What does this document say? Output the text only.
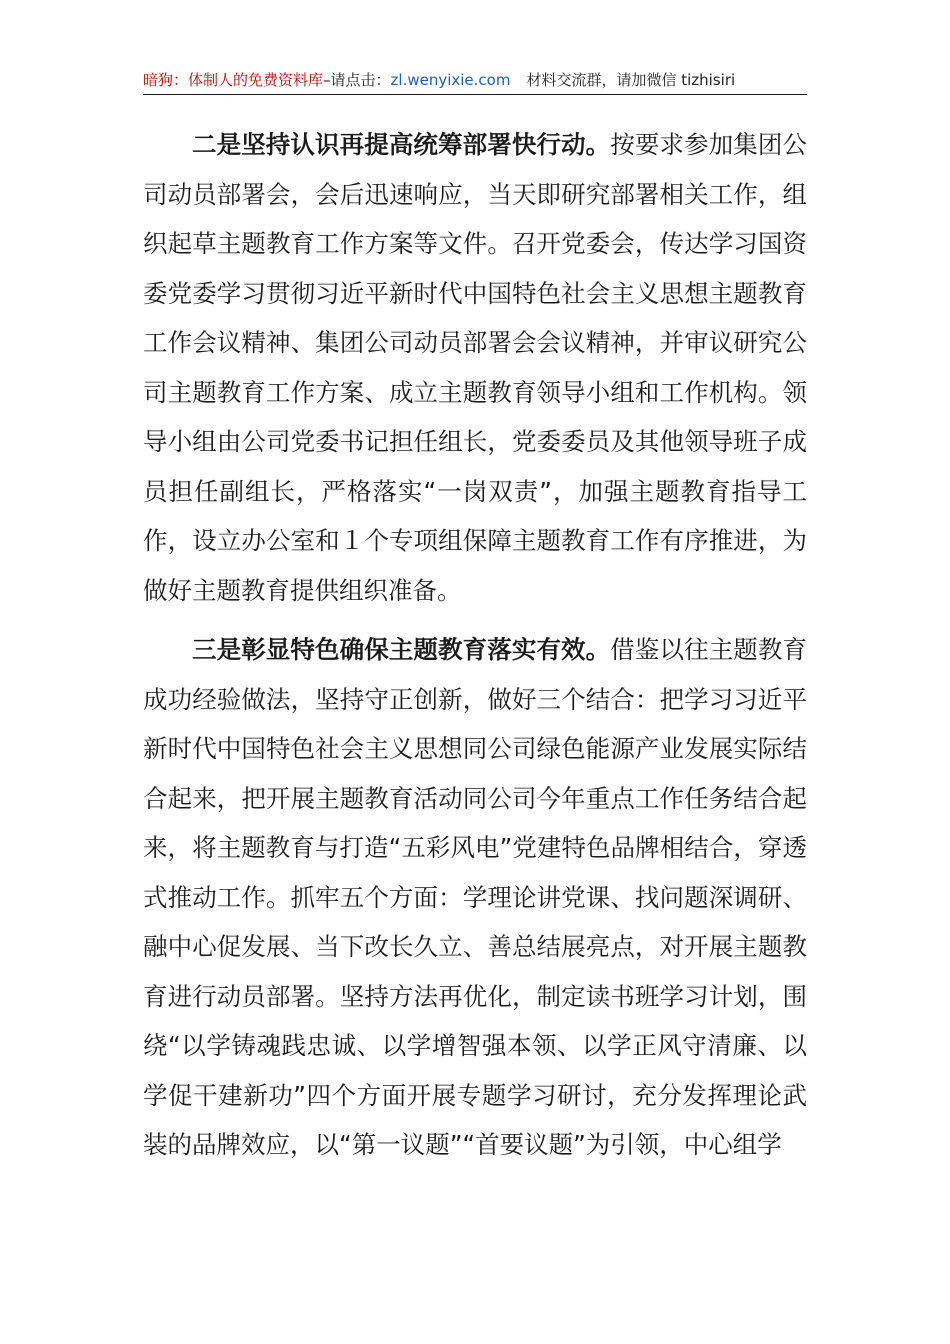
暗狗：体制人的免费资料库–请点击：zl.wenyixie.com 材料交流群，请加微信 tizhisiri

二是坚持认识再提高统筹部署快行动。按要求参加集团公司动员部署会，会后迅速响应，当天即研究部署相关工作，组织起草主题教育工作方案等文件。召开党委会，传达学习国资委党委学习贯彻习近平新时代中国特色社会主义思想主题教育工作会议精神、集团公司动员部署会会议精神，并审议研究公司主题教育工作方案、成立主题教育领导小组和工作机构。领导小组由公司党委书记担任组长，党委委员及其他领导班子成员担任副组长，严格落实“一岗双责”，加强主题教育指导工作，设立办公室和１个专项组保障主题教育工作有序推进，为做好主题教育提供组织准备。

三是彰显特色确保主题教育落实有效。借鉴以往主题教育成功经验做法，坚持守正创新，做好三个结合：把学习习近平新时代中国特色社会主义思想同公司绿色能源产业发展实际结合起来，把开展主题教育活动同公司今年重点工作任务结合起来，将主题教育与打造“五彩风电”党建特色品牌相结合，穿透式推动工作。抓牢五个方面：学理论讲党课、找问题深调研、融中心促发展、当下改长久立、善总结展亮点，对开展主题教育进行动员部署。坚持方法再优化，制定读书班学习计划，围绕“以学铸魂践忠诚、以学增智强本领、以学正风守清廉、以学促干建新功”四个方面开展专题学习研讨，充分发挥理论武装的品牌效应，以“第一议题”“首要议题”为引领，中心组学
